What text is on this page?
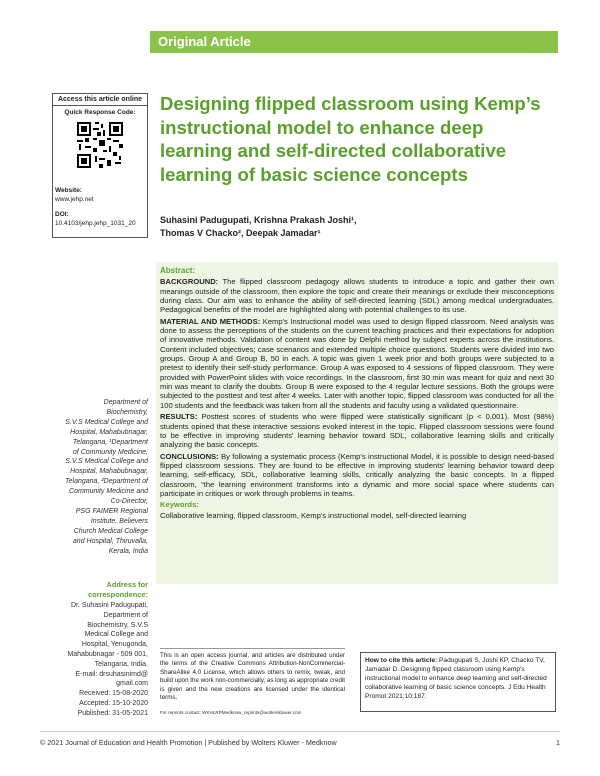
Original Article
Access this article online
Quick Response Code:
Website:
www.jehp.net
DOI:
10.4103/jehp.jehp_1031_20
Designing flipped classroom using Kemp’s instructional model to enhance deep learning and self-directed collaborative learning of basic science concepts
Suhasini Padugupati, Krishna Prakash Joshi¹,
Thomas V Chacko², Deepak Jamadar¹
Abstract:

BACKGROUND: The flipped classroom pedagogy allows students to introduce a topic and gather their own meanings outside of the classroom, then explore the topic and create their meanings or exclude their misconceptions during class. Our aim was to enhance the ability of self-directed learning (SDL) among medical undergraduates. Pedagogical benefits of the model are highlighted along with potential challenges to its use.

MATERIAL AND METHODS: Kemp's Instructional model was used to design flipped classroom. Need analysis was done to assess the perceptions of the students on the current teaching practices and their expectations for adoption of innovative methods. Validation of content was done by Delphi method by subject experts across the institutions. Content included objectives; case scenarios and extended multiple choice questions. Students were divided into two groups. Group A and Group B, 50 in each. A topic was given 1 week prior and both groups were subjected to a pretest to identify their self-study performance. Group A was exposed to 4 sessions of flipped classroom. They were provided with PowerPoint slides with voice recordings. In the classroom, first 30 min was meant for quiz and next 30 min was meant to clarify the doubts. Group B were exposed to the 4 regular lecture sessions. Both the groups were subjected to the posttest and test after 4 weeks. Later with another topic, flipped classroom was conducted for all the 100 students and the feedback was taken from all the students and faculty using a validated questionnaire.

RESULTS: Posttest scores of students who were flipped were statistically significant (p < 0.001). Most (98%) students opined that these interactive sessions evoked interest in the topic. Flipped classroom sessions were found to be effective in improving students' learning behavior toward SDL, collaborative learning skills and critically analyzing the basic concepts.

CONCLUSIONS: By following a systematic process (Kemp's instructional Model, it is possible to design need-based flipped classroom sessions. They are found to be effective in improving students' learning behavior toward deep learning, self-efficacy, SDL, collaborative learning skills, critically analyzing the basic concepts. In a flipped classroom, “the learning environment transforms into a dynamic and more social space where students can participate in critiques or work through problems in teams.

Keywords:
Collaborative learning, flipped classroom, Kemp's instructional model, self-directed learning
Department of
Biochemistry,
S.V.S Medical College and
Hospital, Mahabubnagar,
Telangana, ¹Department
of Community Medicine,
S.V.S Medical College and
Hospital, Mahabubnagar,
Telangana, ²Department of
Community Medicine and
Co-Director,
PSG FAIMER Regional
Institute, Believers
Church Medical College
and Hospital, Thiruvalla,
Kerala, India
Address for
correspondence:
Dr. Suhasini Padugupati,
Department of
Biochemistry, S.V.S
Medical College and
Hospital, Yenugonda,
Mahabubnagar - 509 001,
Telangana, India.
E-mail: drsuhasinimd@
gmail.com
Received: 15-08-2020
Accepted: 15-10-2020
Published: 31-05-2021
This is an open access journal, and articles are distributed under the terms of the Creative Commons Attribution-NonCommercial-ShareAlike 4.0 License, which allows others to remix, tweak, and build upon the work non-commercially, as long as appropriate credit is given and the new creations are licensed under the identical terms.
For reprints contact: WKHLRPMedknow_reprints@wolterskluwer.com
How to cite this article: Padugupati S, Joshi KP, Chacko TV, Jamadar D. Designing flipped classroom using Kemp's instructional model to enhance deep learning and self-directed collaborative learning of basic science concepts. J Edu Health Promot 2021;10:187.
© 2021 Journal of Education and Health Promotion | Published by Wolters Kluwer - Medknow	1
